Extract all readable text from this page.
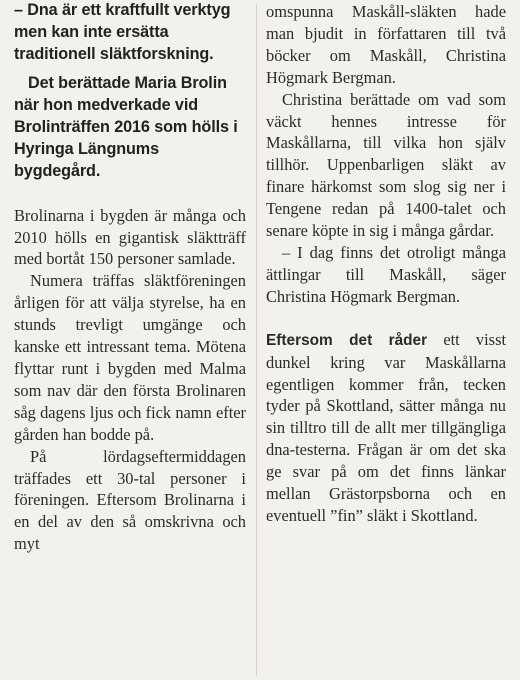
– Dna är ett kraftfullt verktyg men kan inte ersätta traditionell släktforskning.

Det berättade Maria Brolin när hon medverkade vid Brolinträffen 2016 som hölls i Hyringa Längnums bygdegård.

Brolinarna i bygden är många och 2010 hölls en gigantisk släktträff med bortåt 150 personer samlade.

Numera träffas släktföreningen årligen för att välja styrelse, ha en stunds trevligt umgänge och kanske ett intressant tema. Mötena flyttar runt i bygden med Malma som nav där den första Brolinaren såg dagens ljus och fick namn efter gården han bodde på.

På lördagseftermiddagen träffades ett 30-tal personer i föreningen. Eftersom Brolinarna i en del av den så omskrivna och myt

omspunna Maskåll-släkten hade man bjudit in författaren till två böcker om Maskåll, Christina Högmark Bergman.

Christina berättade om vad som väckt hennes intresse för Maskållarna, till vilka hon själv tillhör. Uppenbarligen släkt av finare härkomst som slog sig ner i Tengene redan på 1400-talet och senare köpte in sig i många gårdar.

– I dag finns det otroligt många ättlingar till Maskåll, säger Christina Högmark Bergman.

Eftersom det råder ett visst dunkel kring var Maskållarna egentligen kommer från, tecken tyder på Skottland, sätter många nu sin tilltro till de allt mer tillgängliga dna-testerna. Frågan är om det ska ge svar på om det finns länkar mellan Grästorpsborna och en eventuell ”fin” släkt i Skottland.
